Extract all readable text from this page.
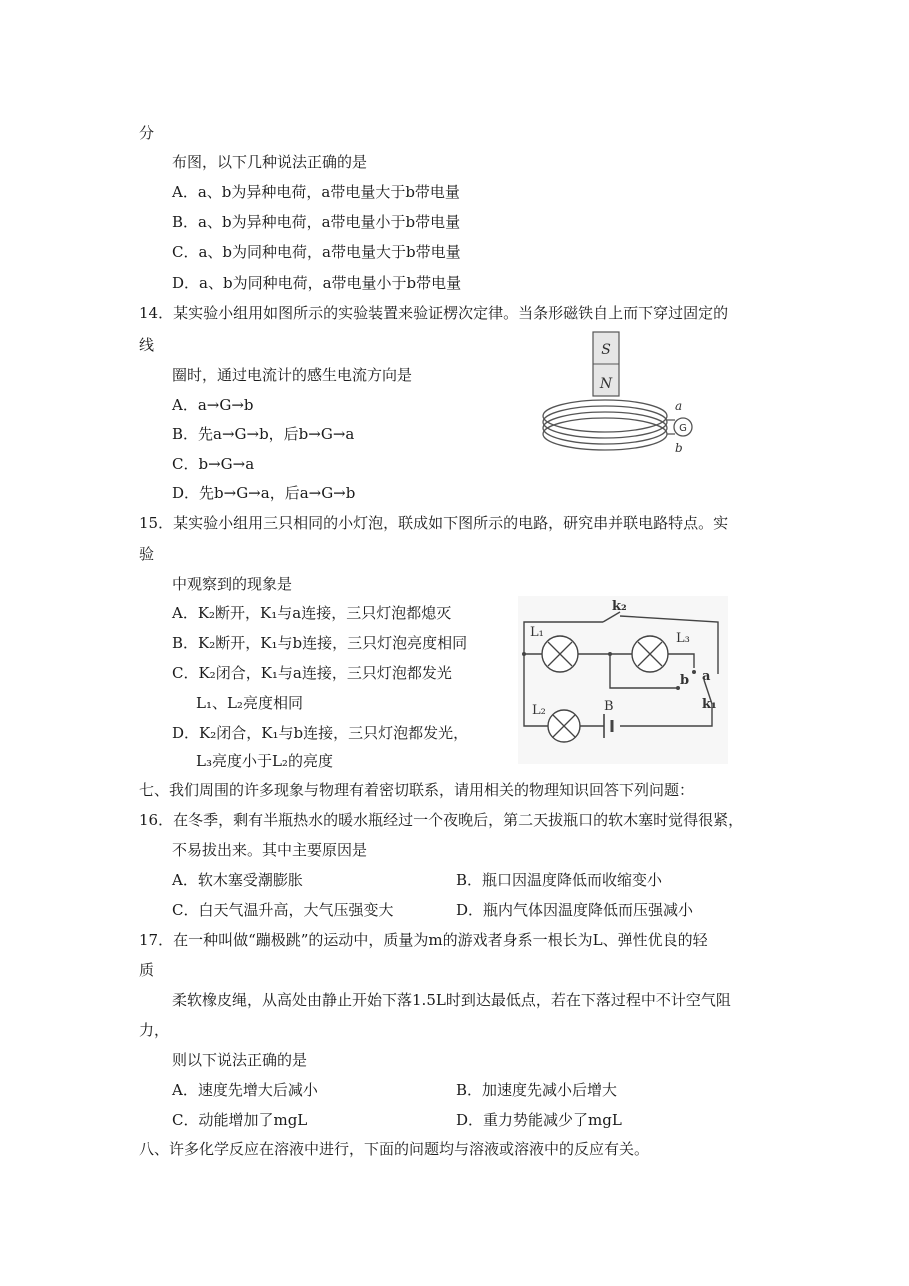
分
布图，以下几种说法正确的是
A．a、b为异种电荷，a带电量大于b带电量
B．a、b为异种电荷，a带电量小于b带电量
C．a、b为同种电荷，a带电量大于b带电量
D．a、b为同种电荷，a带电量小于b带电量
14．某实验小组用如图所示的实验装置来验证楞次定律。当条形磁铁自上而下穿过固定的
线
圈时，通过电流计的感生电流方向是
A．a→G→b
B．先a→G→b，后b→G→a
C．b→G→a
D．先b→G→a，后a→G→b
S
N
G
a
b
15．某实验小组用三只相同的小灯泡，联成如下图所示的电路，研究串并联电路特点。实
验
中观察到的现象是
A．K₂断开，K₁与a连接，三只灯泡都熄灭
B．K₂断开，K₁与b连接，三只灯泡亮度相同
C．K₂闭合，K₁与a连接，三只灯泡都发光
L₁、L₂亮度相同
D．K₂闭合，K₁与b连接，三只灯泡都发光，
L₃亮度小于L₂的亮度
k₂
L₁	L₃
L₂	B
a
b
k₁
七、我们周围的许多现象与物理有着密切联系，请用相关的物理知识回答下列问题：
16．在冬季，剩有半瓶热水的暖水瓶经过一个夜晚后，第二天拔瓶口的软木塞时觉得很紧，
不易拔出来。其中主要原因是
A．软木塞受潮膨胀	B．瓶口因温度降低而收缩变小
C．白天气温升高，大气压强变大	D．瓶内气体因温度降低而压强减小
17．在一种叫做“蹦极跳”的运动中，质量为m的游戏者身系一根长为L、弹性优良的轻
质
柔软橡皮绳，从高处由静止开始下落1.5L时到达最低点，若在下落过程中不计空气阻
力，
则以下说法正确的是
A．速度先增大后减小	B．加速度先减小后增大
C．动能增加了mgL	D．重力势能减少了mgL
八、许多化学反应在溶液中进行，下面的问题均与溶液或溶液中的反应有关。
